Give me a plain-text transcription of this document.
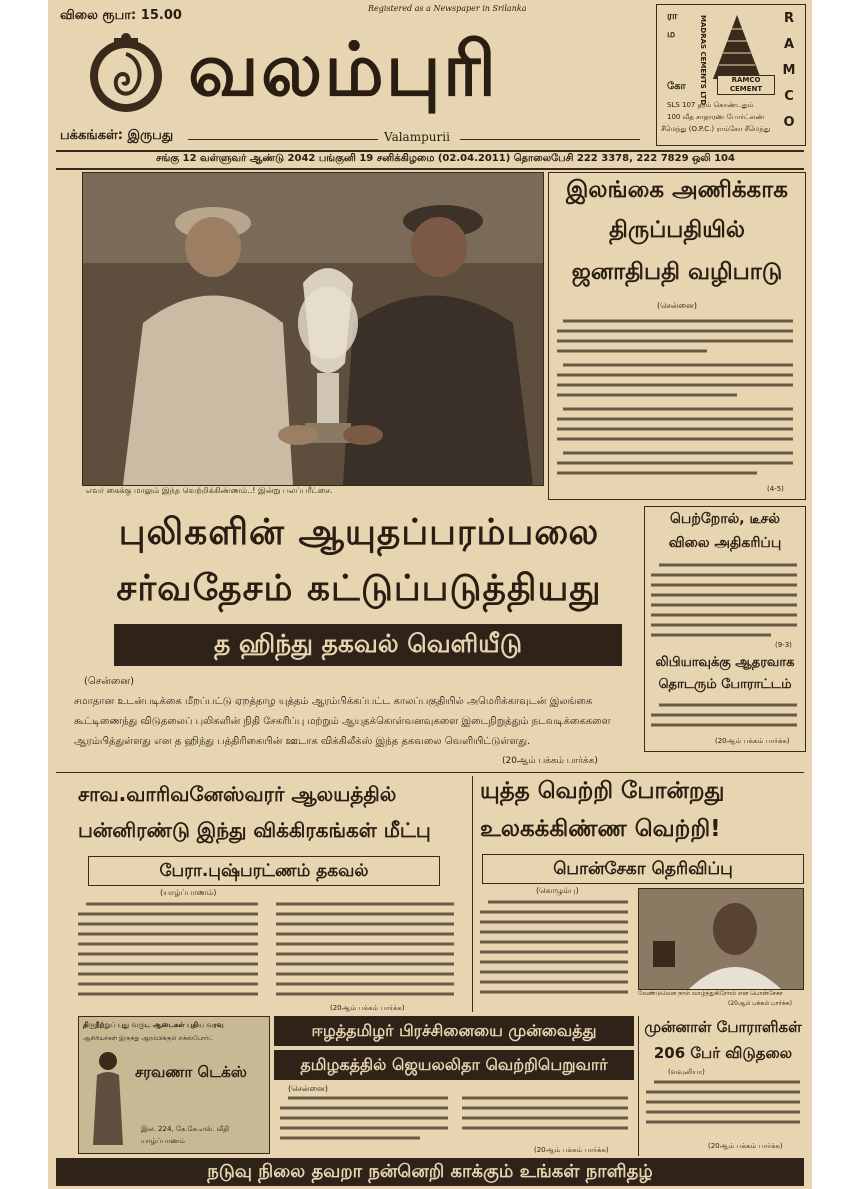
விலை ரூபா: 15.00	Registered as a Newspaper in Srilanka
வலம்புரி
பக்கங்கள்: இருபது	Valampurii
ரா
ம
கோ	MADRAS CEMENTS LTD	RAMCO CEMENT
R
A
M
C
O
SLS 107 தரம் கொண்டதும்
100 வீத சாதாரண போர்ட்லண்
சீமெந்து (O.P.C.) ராம்கோ சீமெந்து
சங்கு 12 வள்ளுவர் ஆண்டு 2042 பங்குனி 19 சனிக்கிழமை (02.04.2011) தொலைபேசி 222 3378, 222 7829 ஒலி 104
எவர் கைக்கு மாலும் இந்த வெற்றிக்கிண்ணம்..! இன்று பலப்பரீட்சை.
இலங்கை அணிக்காக
திருப்பதியில்
ஜனாதிபதி வழிபாடு
(சென்னை)
(4-5)
புலிகளின் ஆயுதப்பரம்பலை
சர்வதேசம் கட்டுப்படுத்தியது
த ஹிந்து தகவல் வெளியீடு
(சென்னை)
சமாதான உடன்படிக்கை மீறப்பட்டு ஏறத்தாழ யுத்தம் ஆரம்பிக்கப்பட்ட காலப்பகுதியில் அமெரிக்காவுடன் இலங்கை கூட்டிணைந்து விடுதலைப் புலிகளின் நிதி சேகரிப்பு மற்றும் ஆயுதக்கொள்வனவுகளை இடைநிறுத்தும் நடவடிக்கைகளை ஆரம்பித்துள்ளது என த ஹிந்து பத்திரிகையின் ஊடாக விக்கிலீக்ஸ் இந்த தகவலை வெளியிட்டுள்ளது.
(20ஆம் பக்கம் பார்க்க)
பெற்றோல், டீசல்
விலை அதிகரிப்பு
(9-3)
லிபியாவுக்கு ஆதரவாக
தொடரும் போராட்டம்
(20ஆம் பக்கம் பார்க்க)
சாவ.வாரிவனேஸ்வரர் ஆலயத்தில்
பன்னிரண்டு இந்து விக்கிரகங்கள் மீட்பு
பேரா.புஷ்பரட்ணம் தகவல்
(யாழ்ப்பாணம்)
(20ஆம் பக்கம் பார்க்க)
யுத்த வெற்றி போன்றது
உலகக்கிண்ண வெற்றி!
பொன்சேகா தெரிவிப்பு
(கொழும்பு)
வேண்டுமென நாம் வாழ்த்துகிறோம் என பொன்சேகா
(20ஆம் பக்கம் பார்க்க)
திருநீற்றுப் புது வருட ஆடைகள் புதிய வரவு
ஆசிரியர்கள் இருந்து ஆரம்பிக்கும் எக்ஸ்போர்ட்
சரவணா டெக்ஸ்
இல. 224, கே.கே.எஸ். வீதி
யாழ்ப்பாணம்
ஈழத்தமிழர் பிரச்சினையை முன்வைத்து
தமிழகத்தில் ஜெயலலிதா வெற்றிபெறுவார்
(சென்னை)
(20ஆம் பக்கம் பார்க்க)
முன்னாள் போராளிகள்
206 பேர் விடுதலை
(வவுனியா)
(20ஆம் பக்கம் பார்க்க)
நடுவு நிலை தவறா நன்னெறி காக்கும் உங்கள் நாளிதழ்
